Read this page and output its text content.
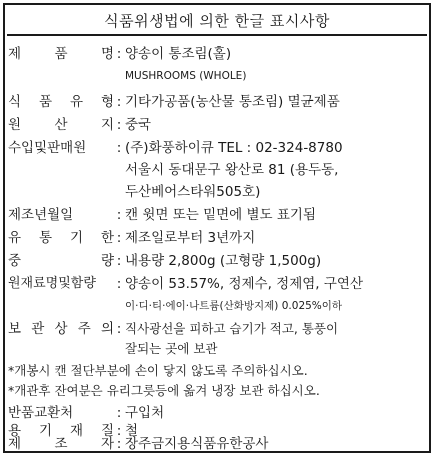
식품위생법에 의한 한글 표시사항
제 품 명 : 양송이 통조림(홀)
MUSHROOMS (WHOLE)
식 품 유 형 : 기타가공품(농산물 통조림) 멸균제품
원 산 지 : 중국
수입및판매원 : (주)화풍하이큐 TEL : 02-324-8780
서울시 동대문구 왕산로 81 (용두동,
두산베어스타워505호)
제조년월일	: 캔 윗면 또는 밑면에 별도 표기됨
유 통 기 한 : 제조일로부터 3년까지
중	량 : 내용량 2,800g (고형량 1,500g)
원재료명및함량 : 양송이 53.57%, 정제수, 정제염, 구연산
이·디·티·에이·나트륨(산화방지제) 0.025%이하
보 관 상 주 의 : 직사광선을 피하고 습기가 적고, 통풍이
잘되는 곳에 보관
*개봉시 캔 절단부분에 손이 닿지 않도록 주의하십시오.
*개관후 잔여분은 유리그릇등에 옮겨 냉장 보관 하십시오.
반품교환처	: 구입처
용 기 재 질 : 철
제 조 자 : 장주금지용식품유한공사
